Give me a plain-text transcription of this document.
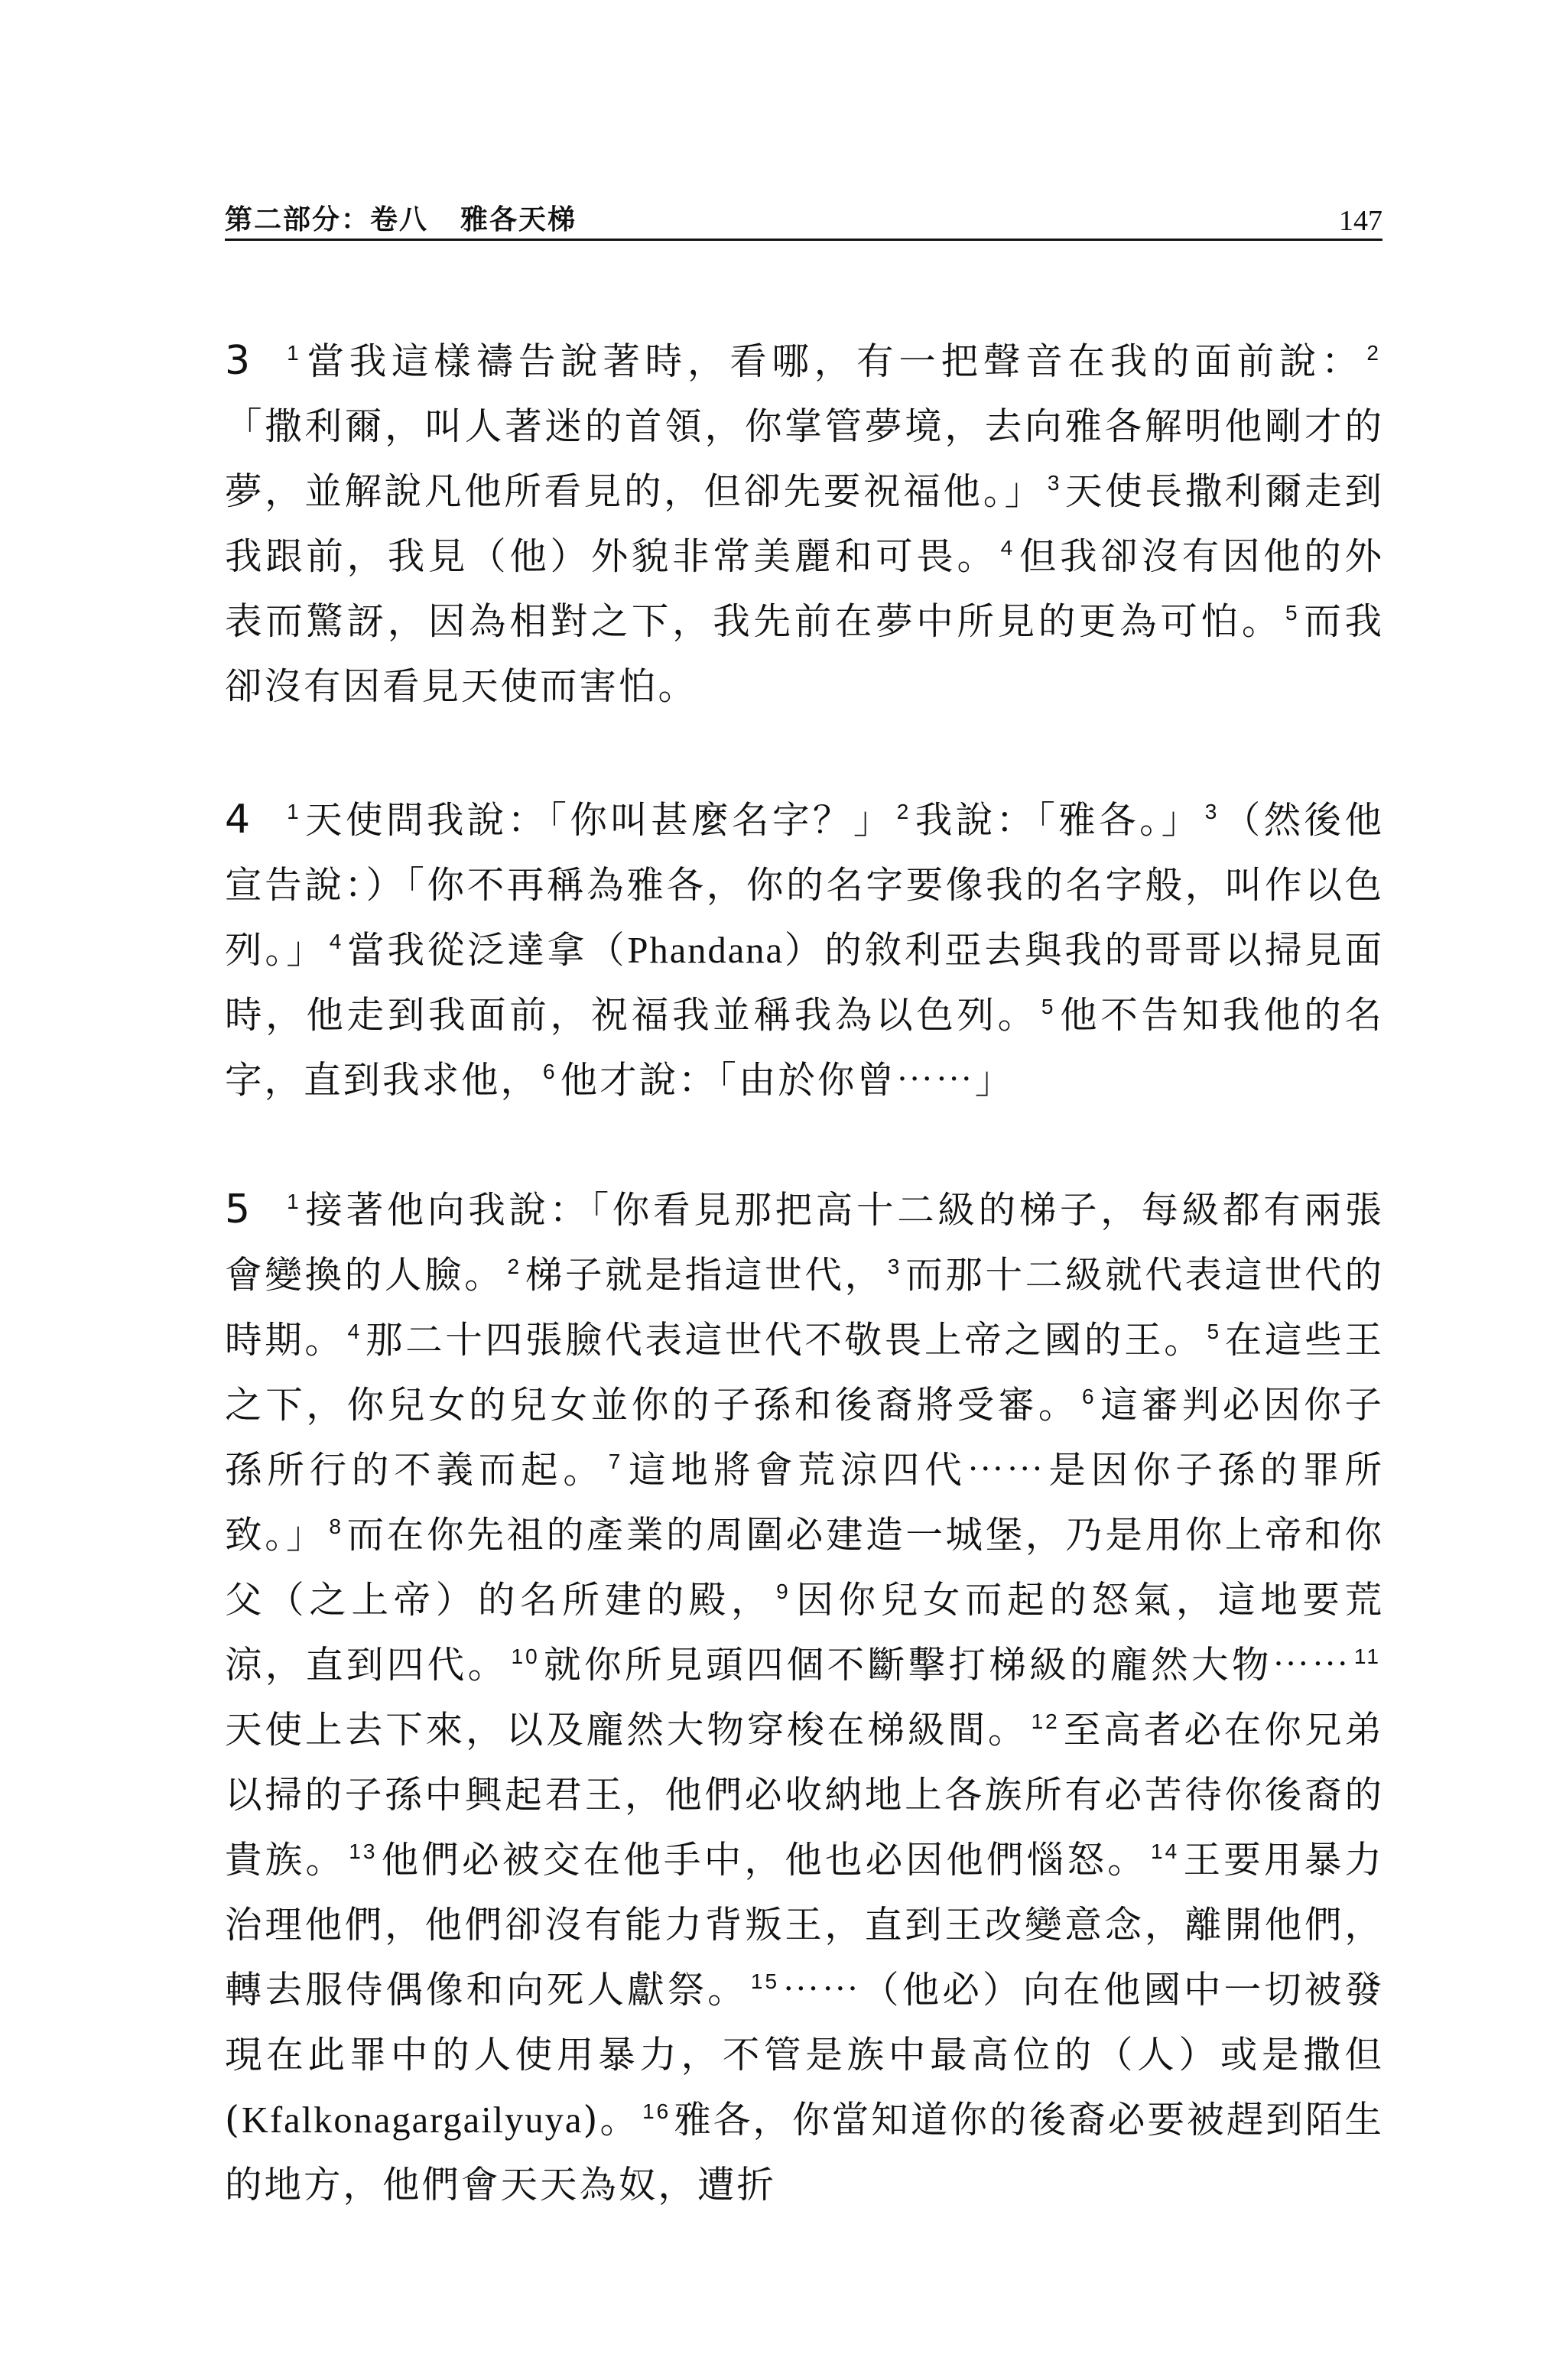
第二部分：卷八 雅各天梯	147
3 $^1$當我這樣禱告說著時，看哪，有一把聲音在我的面前說： $^2$「撒利爾，叫人著迷的首領，你掌管夢境，去向雅各解明他剛才的夢，並解說凡他所看見的，但卻先要祝福他。」 $^3$天使長撒利爾走到我跟前，我見（他）外貌非常美麗和可畏。 $^4$但我卻沒有因他的外表而驚訝，因為相對之下，我先前在夢中所見的更為可怕。 $^5$而我卻沒有因看見天使而害怕。
4 $^1$天使問我說：「你叫甚麼名字？」 $^2$我說：「雅各。」 $^3$（然後他宣告說：）「你不再稱為雅各，你的名字要像我的名字般，叫作以色列。」 $^4$當我從泛達拿（Phandana）的敘利亞去與我的哥哥以掃見面時，他走到我面前，祝福我並稱我為以色列。 $^5$他不告知我他的名字，直到我求他， $^6$他才說：「由於你曾⋯⋯」
5 $^1$接著他向我說：「你看見那把高十二級的梯子，每級都有兩張會變換的人臉。 $^2$梯子就是指這世代， $^3$而那十二級就代表這世代的時期。 $^4$那二十四張臉代表這世代不敬畏上帝之國的王。 $^5$在這些王之下，你兒女的兒女並你的子孫和後裔將受審。 $^6$這審判必因你子孫所行的不義而起。 $^7$這地將會荒涼四代⋯⋯是因你子孫的罪所致。」 $^8$而在你先祖的產業的周圍必建造一城堡，乃是用你上帝和你父（之上帝）的名所建的殿， $^9$因你兒女而起的怒氣，這地要荒涼，直到四代。 $^{10}$就你所見頭四個不斷擊打梯級的龐然大物⋯⋯ $^{11}$天使上去下來，以及龐然大物穿梭在梯級間。 $^{12}$至高者必在你兄弟以掃的子孫中興起君王，他們必收納地上各族所有必苦待你後裔的貴族。 $^{13}$他們必被交在他手中，他也必因他們惱怒。 $^{14}$王要用暴力治理他們，他們卻沒有能力背叛王，直到王改變意念，離開他們，轉去服侍偶像和向死人獻祭。 $^{15}$⋯⋯（他必）向在他國中一切被發現在此罪中的人使用暴力，不管是族中最高位的（人）或是撒但(Kfalkonagargailyuya)。 $^{16}$雅各，你當知道你的後裔必要被趕到陌生的地方，他們會天天為奴，遭折
